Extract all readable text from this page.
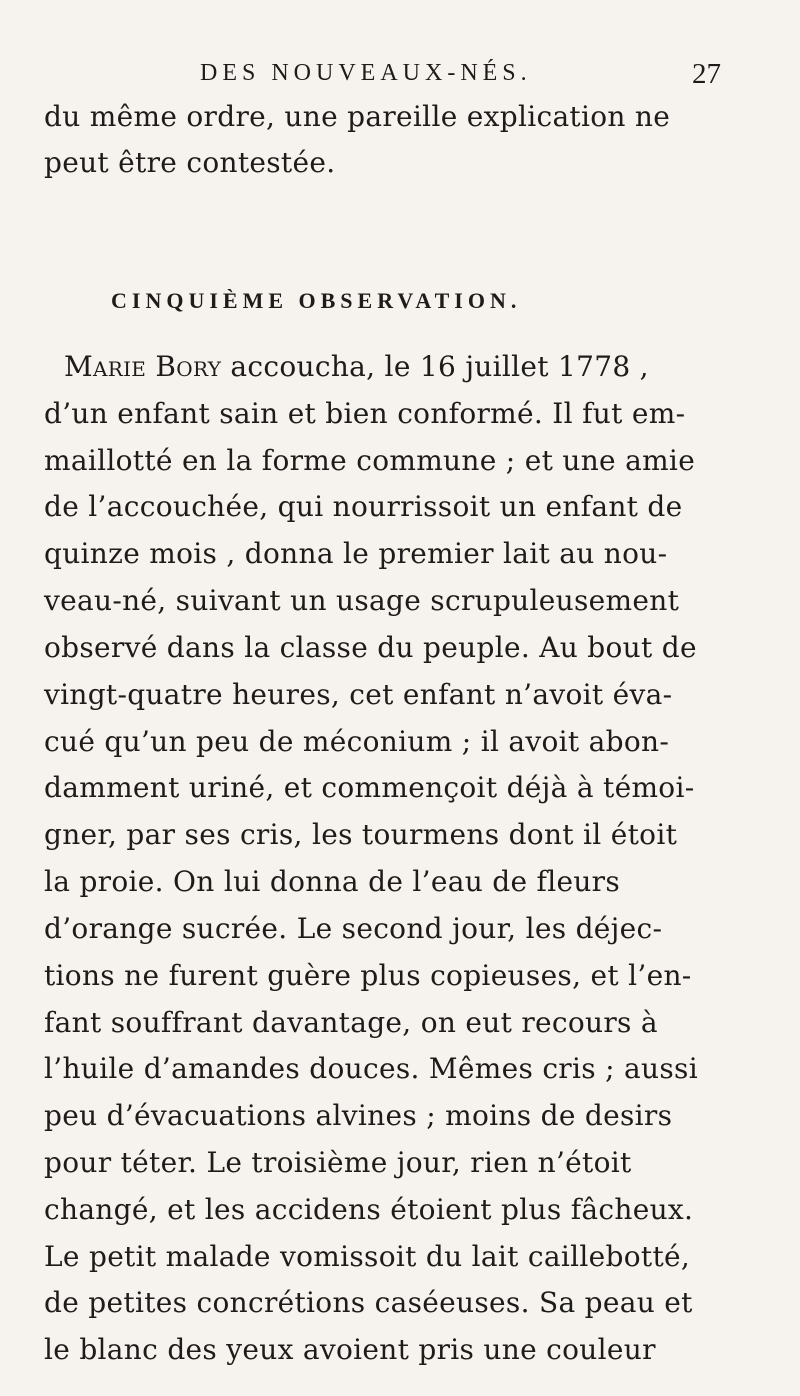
DES NOUVEAUX-NÉS.	27
du même ordre, une pareille explication ne
peut être contestée.
CINQUIÈME OBSERVATION.
Marie Bory accoucha, le 16 juillet 1778 ,
d’un enfant sain et bien conformé. Il fut em-
maillotté en la forme commune ; et une amie
de l’accouchée, qui nourrissoit un enfant de
quinze mois , donna le premier lait au nou-
veau-né, suivant un usage scrupuleusement
observé dans la classe du peuple. Au bout de
vingt-quatre heures, cet enfant n’avoit éva-
cué qu’un peu de méconium ; il avoit abon-
damment uriné, et commençoit déjà à témoi-
gner, par ses cris, les tourmens dont il étoit
la proie. On lui donna de l’eau de fleurs
d’orange sucrée. Le second jour, les déjec-
tions ne furent guère plus copieuses, et l’en-
fant souffrant davantage, on eut recours à
l’huile d’amandes douces. Mêmes cris ; aussi
peu d’évacuations alvines ; moins de desirs
pour téter. Le troisième jour, rien n’étoit
changé, et les accidens étoient plus fâcheux.
Le petit malade vomissoit du lait caillebotté,
de petites concrétions caséeuses. Sa peau et
le blanc des yeux avoient pris une couleur
